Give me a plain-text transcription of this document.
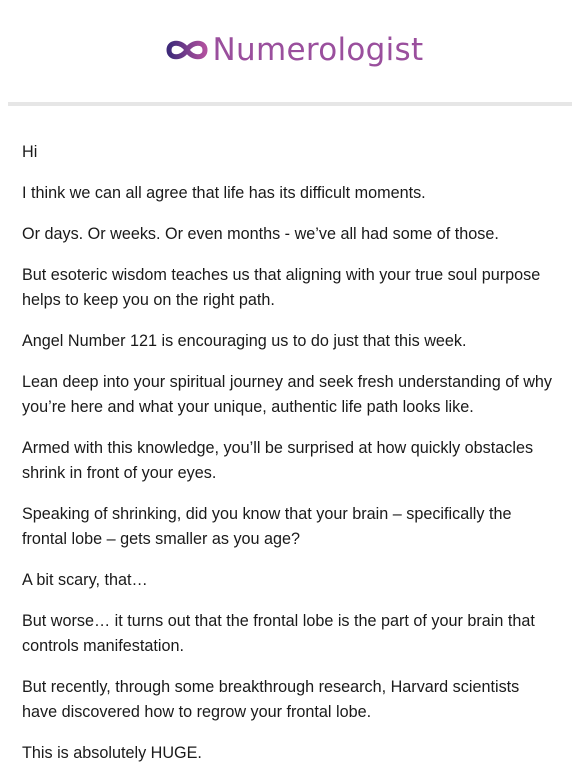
Numerologist

Hi

I think we can all agree that life has its difficult moments.

Or days. Or weeks. Or even months - we’ve all had some of those.

But esoteric wisdom teaches us that aligning with your true soul purpose helps to keep you on the right path.

Angel Number 121 is encouraging us to do just that this week.

Lean deep into your spiritual journey and seek fresh understanding of why you’re here and what your unique, authentic life path looks like.

Armed with this knowledge, you’ll be surprised at how quickly obstacles shrink in front of your eyes.

Speaking of shrinking, did you know that your brain – specifically the frontal lobe – gets smaller as you age?

A bit scary, that…

But worse… it turns out that the frontal lobe is the part of your brain that controls manifestation.

But recently, through some breakthrough research, Harvard scientists have discovered how to regrow your frontal lobe.

This is absolutely HUGE.
